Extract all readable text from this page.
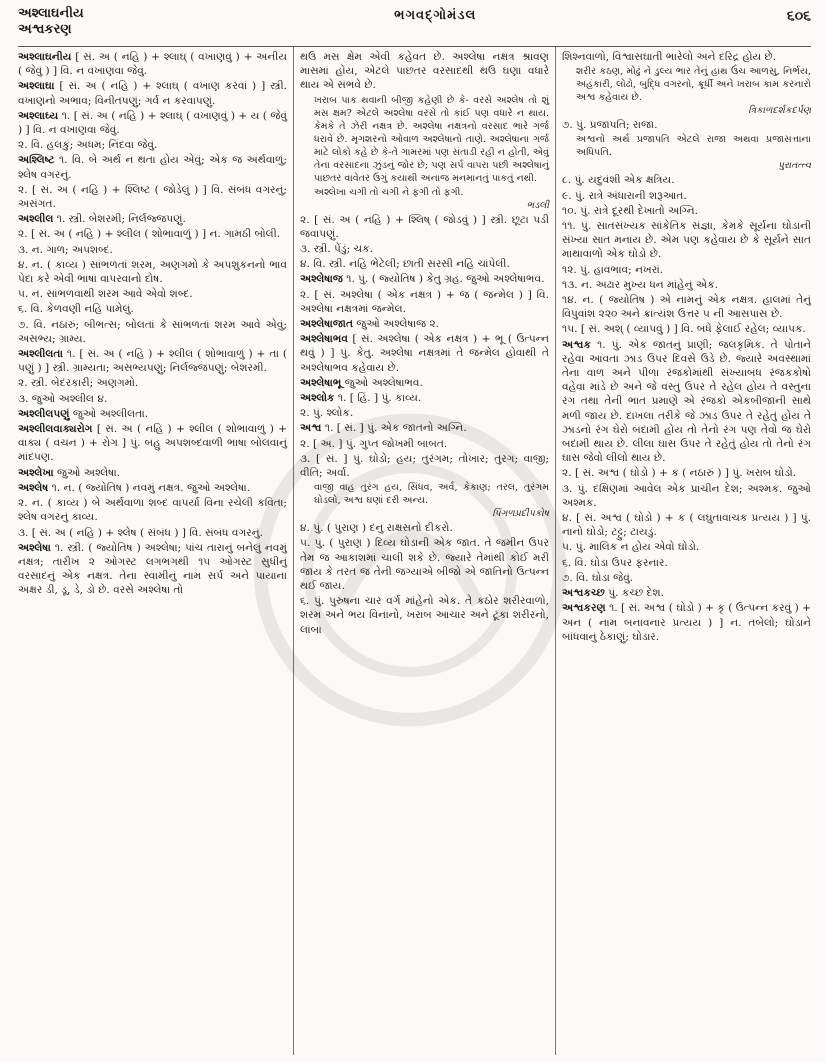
અશ્લાઘનીય
અશ્વકરણ
ભગવદ્ગોમંડલ	૬૦૬

અશ્લાઘનીય [ સં. અ ( નહિ ) + શ્લાઘ્ ( વખાણવું ) + અનીય ( જેવું ) ] વિ. ન વખાણવા જેવું.

અશ્લાઘા [ સં. અ ( નહિ ) + શ્લાઘ્ ( વખાણ કરવાં ) ] સ્ત્રી. વખાણનો અભાવ; વિનીતપણું; ગર્વ ન કરવાપણું.

અશ્લાઘ્ય ૧. [ સં. અ ( નહિ ) + શ્લાઘ્ ( વખાણવું ) + ય ( જેવું ) ] વિ. ન વખાણવા જેવું.

૨. વિ. હલકું; અધમ; નિંદવા જેવું.

અશ્લિષ્ટ ૧. વિ. બે અર્થ ન થતા હોય એવું; એક જ અર્થવાળું; શ્લેષ વગરનું.

૨. [ સં. અ ( નહિ ) + શ્લિષ્ટ ( જોડેલું ) ] વિ. સંબંધ વગરનું; અસંગત.

અશ્લીલ ૧. સ્ત્રી. બેશરમી; નિર્લજ્જપણું.

૨. [ સં. અ ( નહિ ) + શ્લીલ ( શોભાવાળું ) ] ન. ગામઠી બોલી.

૩. ન. ગાળ; અપશબ્દ.

૪. ન. ( કાવ્ય ) સાંભળતાં શરમ, અણગમો કે અપશુકનનો ભાવ પેદા કરે એવી ભાષા વાપરવાનો દોષ.

૫. ન. સાંભળવાથી શરમ આવે એવો શબ્દ.

૬. વિ. કેળવણી નહિ પામેલું.

૭. વિ. નઠારું; બીભત્સ; બોલતાં કે સાંભળતાં શરમ આવે એવું; અસભ્ય; ગ્રામ્ય.

અશ્લીલતા ૧. [ સં. અ ( નહિ ) + શ્લીલ ( શોભાવાળું ) + તા ( પણું ) ] સ્ત્રી. ગ્રામ્યતા; અસભ્યપણું; નિર્લજ્જપણું; બેશરમી.

૨. સ્ત્રી. બેદરકારી; અણગમો.

૩. જુઓ અશ્લીલ ૪.

અશ્લીલપણું જુઓ અશ્લીલતા.

અશ્લીલવાક્યરોગ [ સં. અ ( નહિ ) + શ્લીલ ( શોભાવાળું ) + વાક્ય ( વચન ) + રોગ ] પું. બહુ અપશબ્દવાળી ભાષા બોલવાનું માંદપણ.

અશ્લેખા જુઓ અશ્લેષા.

અશ્લેષ ૧. ન. ( જ્યોતિષ ) નવમું નક્ષત્ર. જુઓ અશ્લેષા.

૨. ન. ( કાવ્ય ) બે અર્થવાળા શબ્દ વાપર્યા વિના રચેલી કવિતા; શ્લેષ વગરનું કાવ્ય.

૩. [ સં. અ ( નહિ ) + શ્લેષ ( સંબંધ ) ] વિ. સંબંધ વગરનું.

અશ્લેષા ૧. સ્ત્રી. ( જ્યોતિષ ) અશ્લેષા; પાંચ તારાનું બનેલું નવમું નક્ષત્ર; તારીખ ૨ ઓગસ્ટ લગભગથી ૧૫ ઓગસ્ટ સુધીનું વરસાદનું એક નક્ષત્ર. તેના સ્વામીનું નામ સર્પ અને પાયાના અક્ષર ડી, ડૂ, ડે, ડો છે. વરસે અશ્લેષા તો

થઉ મસ ક્ષેમ એવી કહેવત છે. અશ્લેષા નક્ષત્ર શ્રાવણ માસમાં હોય, એટલે પાછતર વરસાદથી થઉ ઘણા વધારે થાય એ સંભવે છે.

ખરાબ પાક થવાની બીજી કહેણી છે કે- વરસે અશ્લેષ તો શું મસ ક્ષમ? એટલે અશ્લેષા વરસે તો કાંઈ પણ વધારે ન થાય. કેમકે તે ઝેરી નક્ષત્ર છે. અશ્લેષા નક્ષત્રનો વરસાદ ભારે ગર્જ ધરાવે છે. મૃગશરનો ઓવાળ અશ્લેષાનો તાણે. અશ્લેષાના ગર્જ માટે લોકો કહે છે કે-તે ગામરમાં પણ સંતાડી રહી ન હોતી, એવું તેના વરસાદના ઝુંડનું જોર છે; પણ સર્પ વાપરા પછી અશ્લેષાનું પાછતર વાવેતર ઉગું કયાથી અનાજ મનમાનતું પાકતું નથી.

અશ્લેખા ચગી તો ચગી ને ફગી તો ફગી.
ભડલી

૨. [ સં. અ ( નહિ ) + શ્લિષ્ ( જોડવું ) ] સ્ત્રી. છૂટા પડી જવાપણું.

૩. સ્ત્રી. પેંડું; ચક.

૪. વિ. સ્ત્રી. નહિ ભેટેલી; છાતી સરસી નહિ ચાંપેલી.

અશ્લેષાજ ૧. પું. ( જ્યોતિષ ) કેતુ ગ્રહ. જુઓ અશ્લેષાભવ.

૨. [ સં. અશ્લેષા ( એક નક્ષત્ર ) + જ ( જન્મેલ ) ] વિ. અશ્લેષા નક્ષત્રમાં જન્મેલ.

અશ્લેષાજાત જુઓ અશ્લેષાજ ૨.

અશ્લેષાભવ [ સં. અશ્લેષા ( એક નક્ષત્ર ) + ભૂ ( ઉત્પન્ન થવું ) ] પું. કેતુ. અશ્લેષા નક્ષત્રમાં તે જન્મેલ હોવાથી તે અશ્લેષાભવ કહેવાય છે.

અશ્લેષાભૂ જુઓ અશ્લેષાભવ.

અશ્લોક ૧. [ હિં. ] પું. કાવ્ય.

૨. પું. શ્લોક.

અશ્વ ૧. [ સં. ] પું. એક જાતનો અગ્નિ.

૨. [ અ. ] પું. ગુપ્ત જોખમી બાબત.

૩. [ સં. ] પું. ઘોડો; હય; તુરંગમ; તોખાર; તુરગ; વાજી; વીતિ; અર્વા.

વાજી વાહ તુરંગ હય, સિંધવ, અર્વ, કેકાણ; તરલ, તુરંગમ ઘોડલો, અશ્વ ઘણાં દરી અન્ય.
પિંગળપ્રદીપકોષ

૪. પું. ( પુરાણ ) દનુ રાક્ષસનો દીકરો.

૫. પું. ( પુરાણ ) દિવ્ય ઘોડાની એક જાત. તે જમીન ઉપર તેમ જ આકાશમાં ચાલી શકે છે. જ્યારે તેમાંથી કોઈ મરી જાય કે તરત જ તેની જગ્યાએ બીજો એ જાતિનો ઉત્પન્ન થઈ જાય.

૬. પું. પુરુષના ચાર વર્ગ માંહેનો એક. તે કઠોર શરીરવાળો, શરમ અને ભય વિનાનો, ખરાબ આચાર અને ટૂંકા શરીરનો, લાંબા

શિશ્નવાળો, વિશ્વાસઘાતી ભારેલો અને દરિદ્ર હોય છે.

શરીર કઠણ, મોઢું ને ડુલ્ય ભાર તેનું હાથ ઉંચ આળસુ, નિર્ભય, અહંકારી, લોઢો, બુદ્ધિ વગરનો, ક્રૂર્ધી અને ખરાબ કામ કરનારો અશ્વ કહેવાય છે.
ત્રિકાળદર્શકદર્પણ

૭. પું. પ્રજાપતિ; રાજા.

અશ્વનો અર્થ પ્રજાપતિ એટલે રાજા અથવા પ્રજાસત્તાના અધિપતિ.
પુરાતત્ત્વ

૮. પું. યદુવંશી એક ક્ષત્રિય.

૯. પું. રાત્રે અંધારાની શરૂઆત.

૧૦. પું. રાત્રે દૂરથી દેખાતો અગ્નિ.

૧૧. પું. સાતસંખ્યક સાંકેતિક સંજ્ઞા, કેમકે સૂર્યના ઘોડાની સંખ્યા સાત મનાય છે. એમ પણ કહેવાય છે કે સૂર્યને સાત માથાવાળો એક ઘોડો છે.

૧૨. પું. હાવભાવ; નખરાં.

૧૩. ન. અઢાર મુખ્ય ધન માંહેનું એક.

૧૪. ન. ( જ્યોતિષ ) એ નામનું એક નક્ષત્ર. હાલમાં તેનું વિપુવાંશ ૨૨૦ અને ક્રાંત્યંશ ઉત્તર ૫ ની આસપાસ છે.

૧૫. [ સં. અશ્ ( વ્યાપવું ) ] વિ. બધે ફેલાઈ રહેલ; વ્યાપક.

અશ્વક ૧. પું. એક જાતનું પ્રાણી; જલકૃમિક. તે પોતાને રહેવા આવતા ઝાડ ઉપર દિવસે ઉડે છે. જ્યારે અવસ્થામાં તેના વાળ અને પીળા રંજકોમાંથી સંખ્યાબંધ રંજકકોષો વહેવા માંડે છે અને જે વસ્તુ ઉપર તે રહેલ હોય તે વસ્તુના રંગ તથા તેની ભાત પ્રમાણે એ રંજકો એકબીજાની સાથે મળી જાય છે. દાખલા તરીકે જે ઝાડ ઉપર તે રહેતું હોય તે ઝાડનો રંગ ઘેરો બદામી હોય તો તેનો રંગ પણ તેવો જ ઘેરો બદામી થાય છે. લીલા ઘાસ ઉપર તે રહેતું હોય તો તેનો રંગ ઘાસ જેવો લીલો થાય છે.

૨. [ સં. અશ્વ ( ઘોડો ) + ક ( નઠારું ) ] પું. ખરાબ ઘોડો.

૩. પું. દક્ષિણમાં આવેલ એક પ્રાચીન દેશ; અશ્મક. જુઓ અશ્મક.

૪. [ સં. અશ્વ ( ઘોડો ) + ક ( લઘુતાવાચક પ્રત્યય ) ] પું. નાનો ઘોડો; ટટ્ટુ; ટાયડું.

૫. પું. માલિક ન હોય એવો ઘોડો.

૬. વિ. ઘોડા ઉપર ફરનાર.

૭. વિ. ઘોડા જેવું.

અશ્વકચ્છ પું. કચ્છ દેશ.

અશ્વકરણ ૧. [ સં. અશ્વ ( ઘોડો ) + કૃ ( ઉત્પન્ન કરવું ) + અન ( નામ બનાવનાર પ્રત્યય ) ] ન. તબેલો; ઘોડાને બાંધવાનું ઠેકાણું; ઘોડાર.
